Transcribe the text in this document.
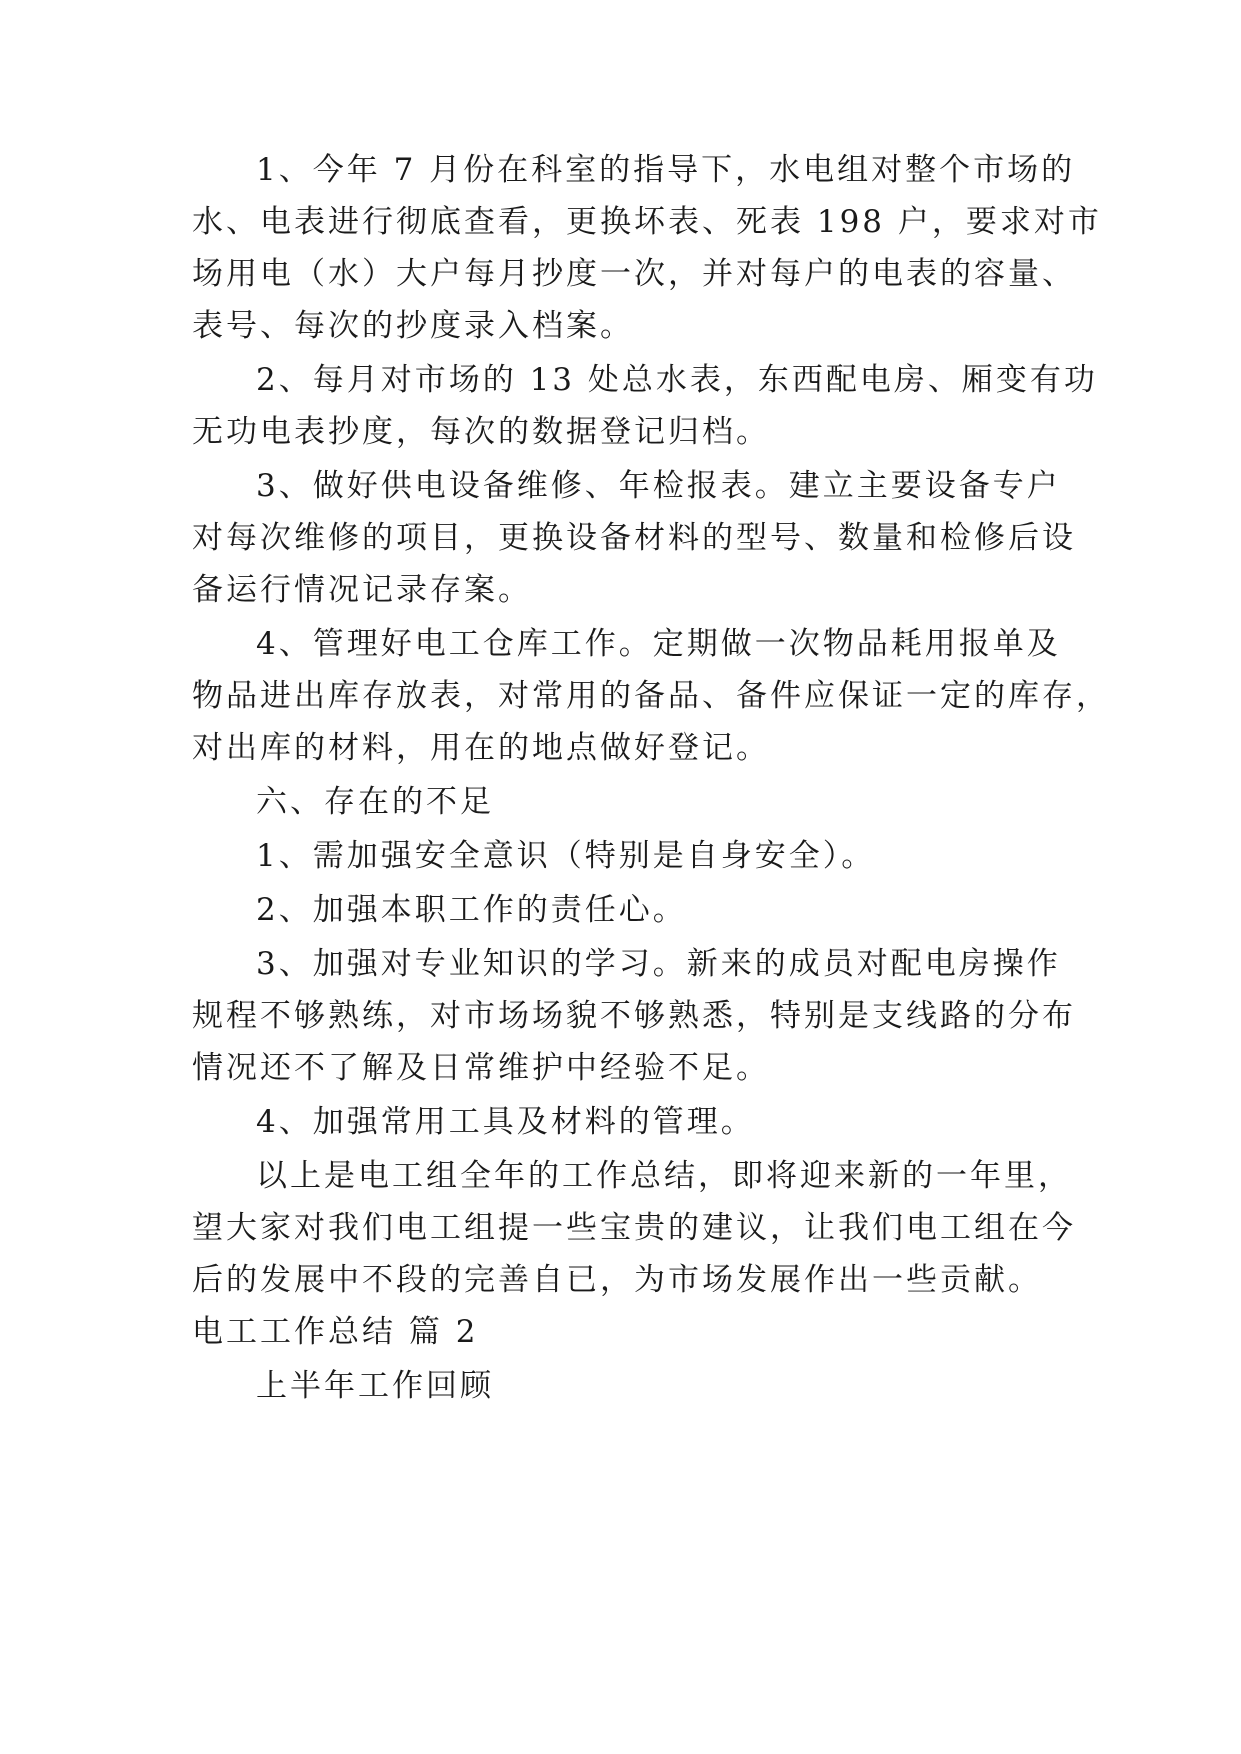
1、今年 7 月份在科室的指导下，水电组对整个市场的
水、电表进行彻底查看，更换坏表、死表 198 户，要求对市
场用电（水）大户每月抄度一次，并对每户的电表的容量、
表号、每次的抄度录入档案。
2、每月对市场的 13 处总水表，东西配电房、厢变有功
无功电表抄度，每次的数据登记归档。
3、做好供电设备维修、年检报表。建立主要设备专户
对每次维修的项目，更换设备材料的型号、数量和检修后设
备运行情况记录存案。
4、管理好电工仓库工作。定期做一次物品耗用报单及
物品进出库存放表，对常用的备品、备件应保证一定的库存，
对出库的材料，用在的地点做好登记。
六、存在的不足
1、需加强安全意识（特别是自身安全）。
2、加强本职工作的责任心。
3、加强对专业知识的学习。新来的成员对配电房操作
规程不够熟练，对市场场貌不够熟悉，特别是支线路的分布
情况还不了解及日常维护中经验不足。
4、加强常用工具及材料的管理。
以上是电工组全年的工作总结，即将迎来新的一年里，
望大家对我们电工组提一些宝贵的建议，让我们电工组在今
后的发展中不段的完善自已，为市场发展作出一些贡献。
电工工作总结 篇 2
上半年工作回顾
